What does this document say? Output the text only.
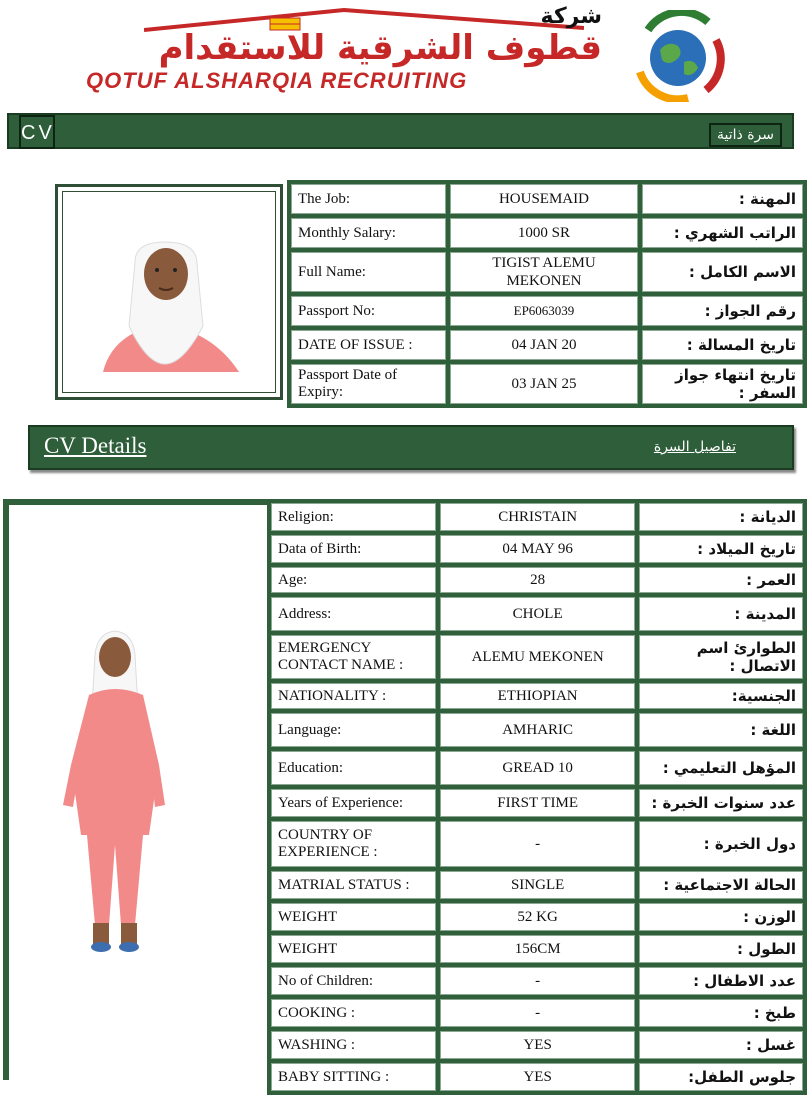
شركة
قطوف الشرقية للاستقدام
QOTUF ALSHARQIA RECRUITING
CV	سرة ذاتية
The Job:	HOUSEMAID	المهنة :
Monthly Salary:	1000 SR	الراتب الشهري :
Full Name:	TIGIST ALEMU MEKONEN	الاسم الكامل :
Passport No:	EP6063039	رقم الجواز :
DATE OF ISSUE :	04 JAN 20	تاريخ المسالة :
Passport Date of Expiry:	03 JAN 25	تاريخ انتهاء جواز السفر :
CV Details	تفاصيل السرة
Religion:	CHRISTAIN	الديانة :
Data of Birth:	04 MAY 96	تاريخ الميلاد :
Age:	28	العمر :
Address:	CHOLE	المدينة :
EMERGENCY CONTACT NAME :	ALEMU MEKONEN	الطوارئ اسم الاتصال :
NATIONALITY :	ETHIOPIAN	الجنسية:
Language:	AMHARIC	اللغة :
Education:	GREAD 10	المؤهل التعليمي :
Years of Experience:	FIRST TIME	عدد سنوات الخبرة :
COUNTRY OF EXPERIENCE :	-	دول الخبرة :
MATRIAL STATUS :	SINGLE	الحالة الاجتماعية :
WEIGHT	52 KG	الوزن :
WEIGHT	156CM	الطول :
No of Children:	-	عدد الاطفال :
COOKING :	-	طبخ :
WASHING :	YES	غسل :
BABY SITTING :	YES	جلوس الطفل:
